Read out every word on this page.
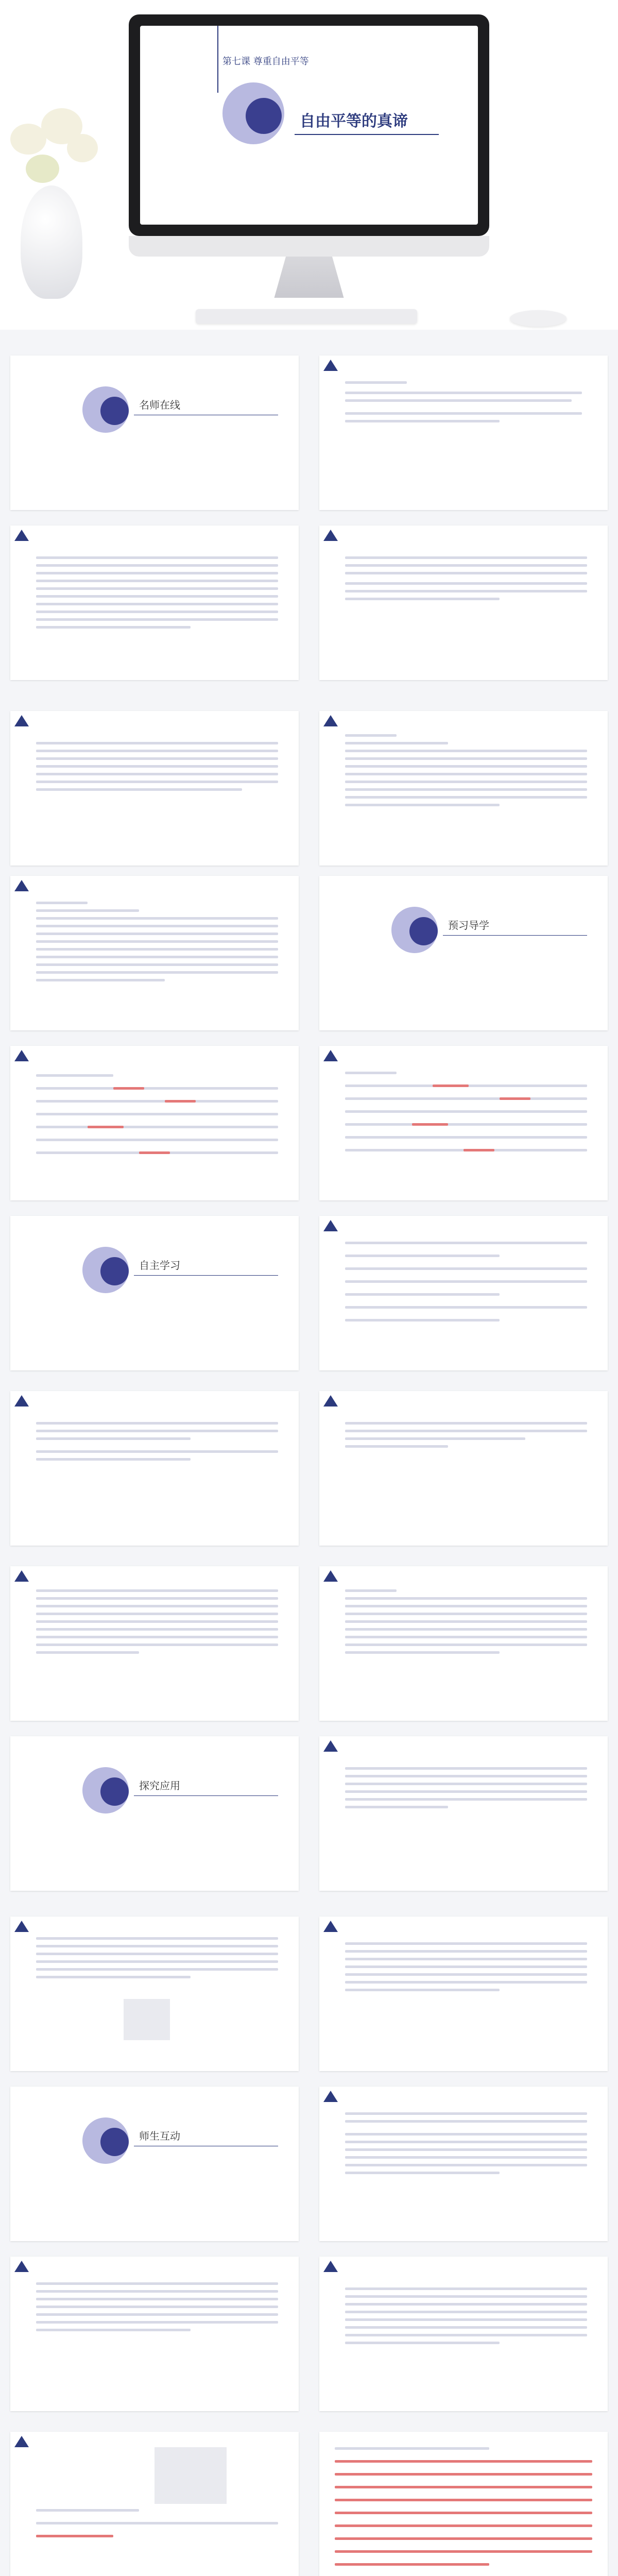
第七课 尊重自由平等
自由平等的真谛
名师在线
预习导学
自主学习
探究应用
师生互动
